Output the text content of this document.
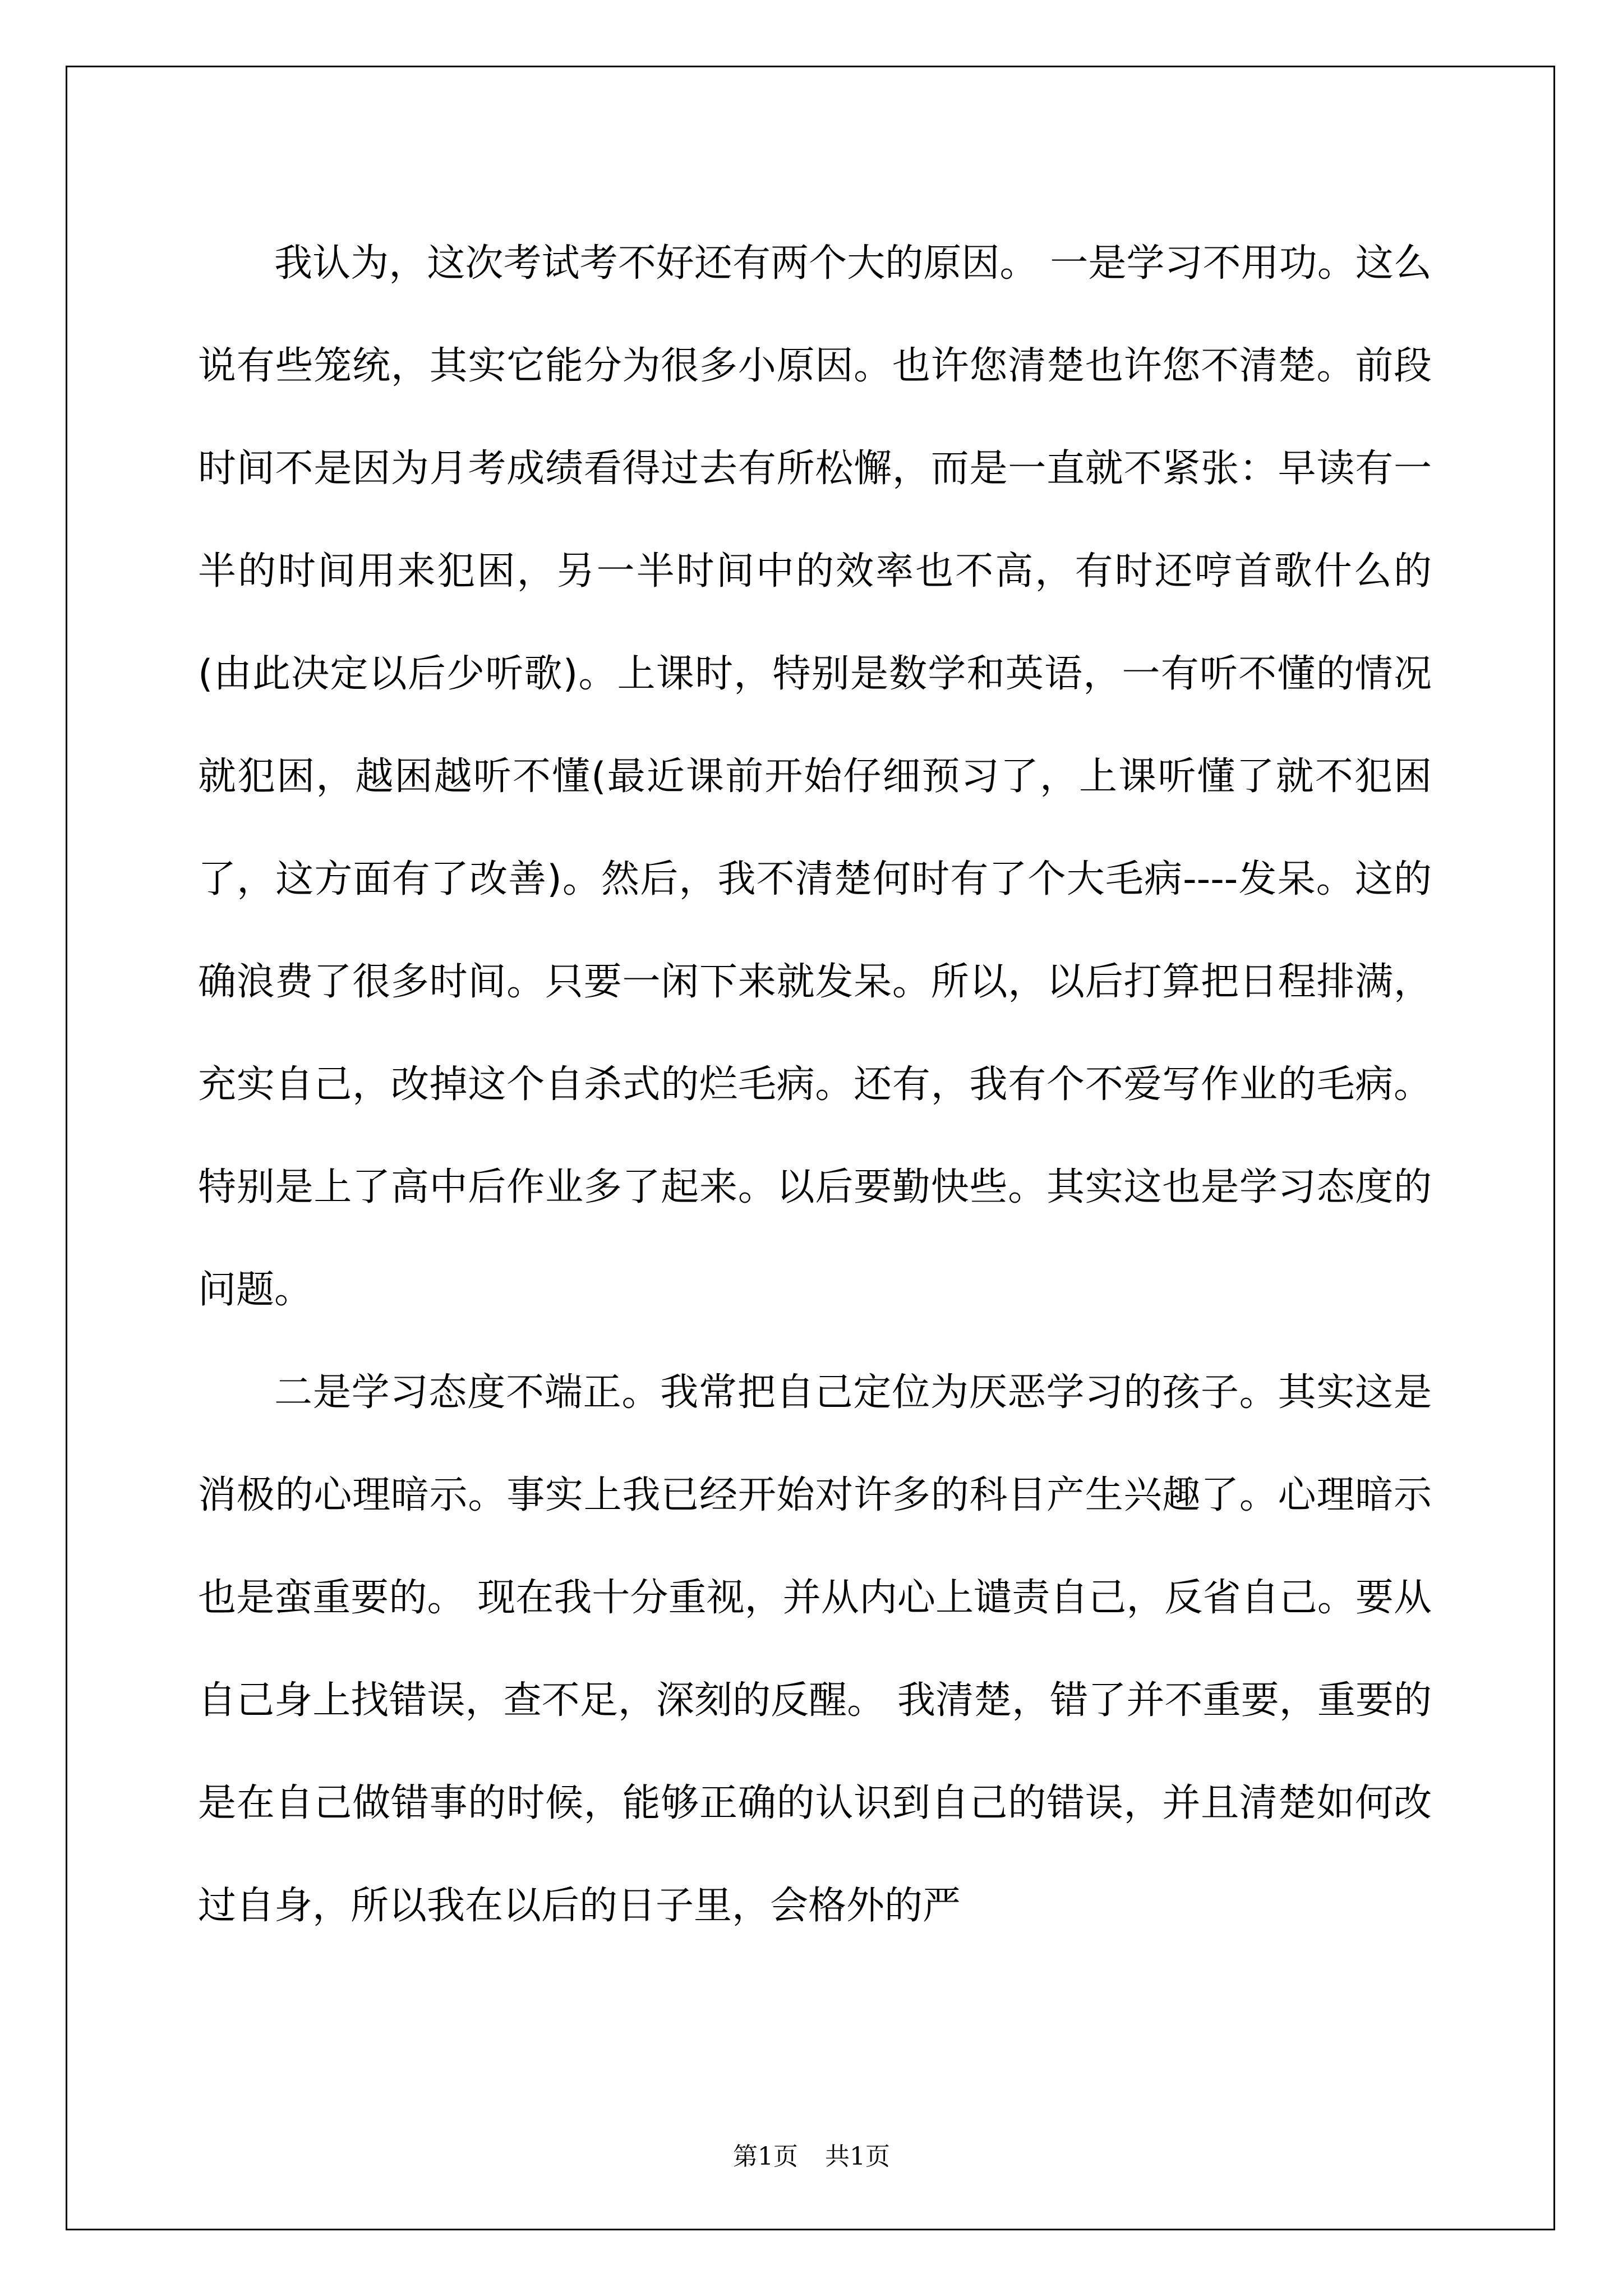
我认为，这次考试考不好还有两个大的原因。 一是学习不用功。这么说有些笼统，其实它能分为很多小原因。也许您清楚也许您不清楚。前段时间不是因为月考成绩看得过去有所松懈，而是一直就不紧张：早读有一半的时间用来犯困，另一半时间中的效率也不高，有时还哼首歌什么的(由此决定以后少听歌)。上课时，特别是数学和英语，一有听不懂的情况就犯困，越困越听不懂(最近课前开始仔细预习了，上课听懂了就不犯困了，这方面有了改善)。然后，我不清楚何时有了个大毛病----发呆。这的确浪费了很多时间。只要一闲下来就发呆。所以，以后打算把日程排满，充实自己，改掉这个自杀式的烂毛病。还有，我有个不爱写作业的毛病。特别是上了高中后作业多了起来。以后要勤快些。其实这也是学习态度的问题。

二是学习态度不端正。我常把自己定位为厌恶学习的孩子。其实这是消极的心理暗示。事实上我已经开始对许多的科目产生兴趣了。心理暗示也是蛮重要的。 现在我十分重视，并从内心上谴责自己，反省自己。要从自己身上找错误，查不足，深刻的反醒。 我清楚，错了并不重要，重要的是在自己做错事的时候，能够正确的认识到自己的错误，并且清楚如何改过自身，所以我在以后的日子里，会格外的严

第1页 共1页
